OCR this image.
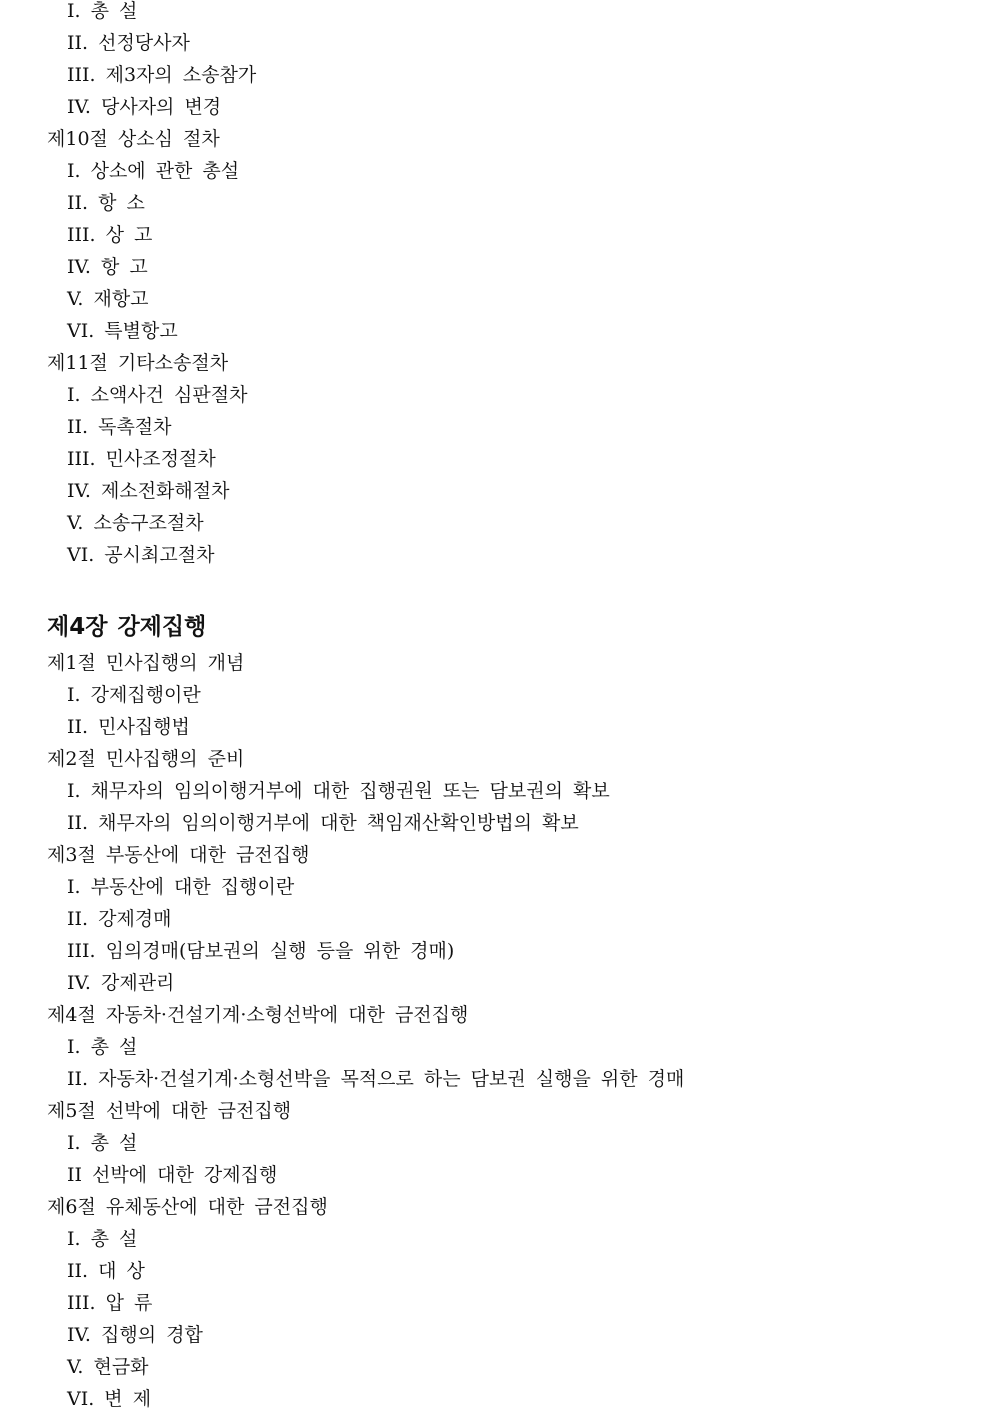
I. 총 설
II. 선정당사자
III. 제3자의 소송참가
IV. 당사자의 변경
제10절 상소심 절차
I. 상소에 관한 총설
II. 항 소
III. 상 고
IV. 항 고
V. 재항고
VI. 특별항고
제11절 기타소송절차
I. 소액사건 심판절차
II. 독촉절차
III. 민사조정절차
IV. 제소전화해절차
V. 소송구조절차
VI. 공시최고절차
제4장 강제집행
제1절 민사집행의 개념
I. 강제집행이란
II. 민사집행법
제2절 민사집행의 준비
I. 채무자의 임의이행거부에 대한 집행권원 또는 담보권의 확보
II. 채무자의 임의이행거부에 대한 책임재산확인방법의 확보
제3절 부동산에 대한 금전집행
I. 부동산에 대한 집행이란
II. 강제경매
III. 임의경매(담보권의 실행 등을 위한 경매)
IV. 강제관리
제4절 자동차·건설기계·소형선박에 대한 금전집행
I. 총 설
II. 자동차·건설기계·소형선박을 목적으로 하는 담보권 실행을 위한 경매
제5절 선박에 대한 금전집행
I. 총 설
II 선박에 대한 강제집행
제6절 유체동산에 대한 금전집행
I. 총 설
II. 대 상
III. 압 류
IV. 집행의 경합
V. 현금화
VI. 변 제
